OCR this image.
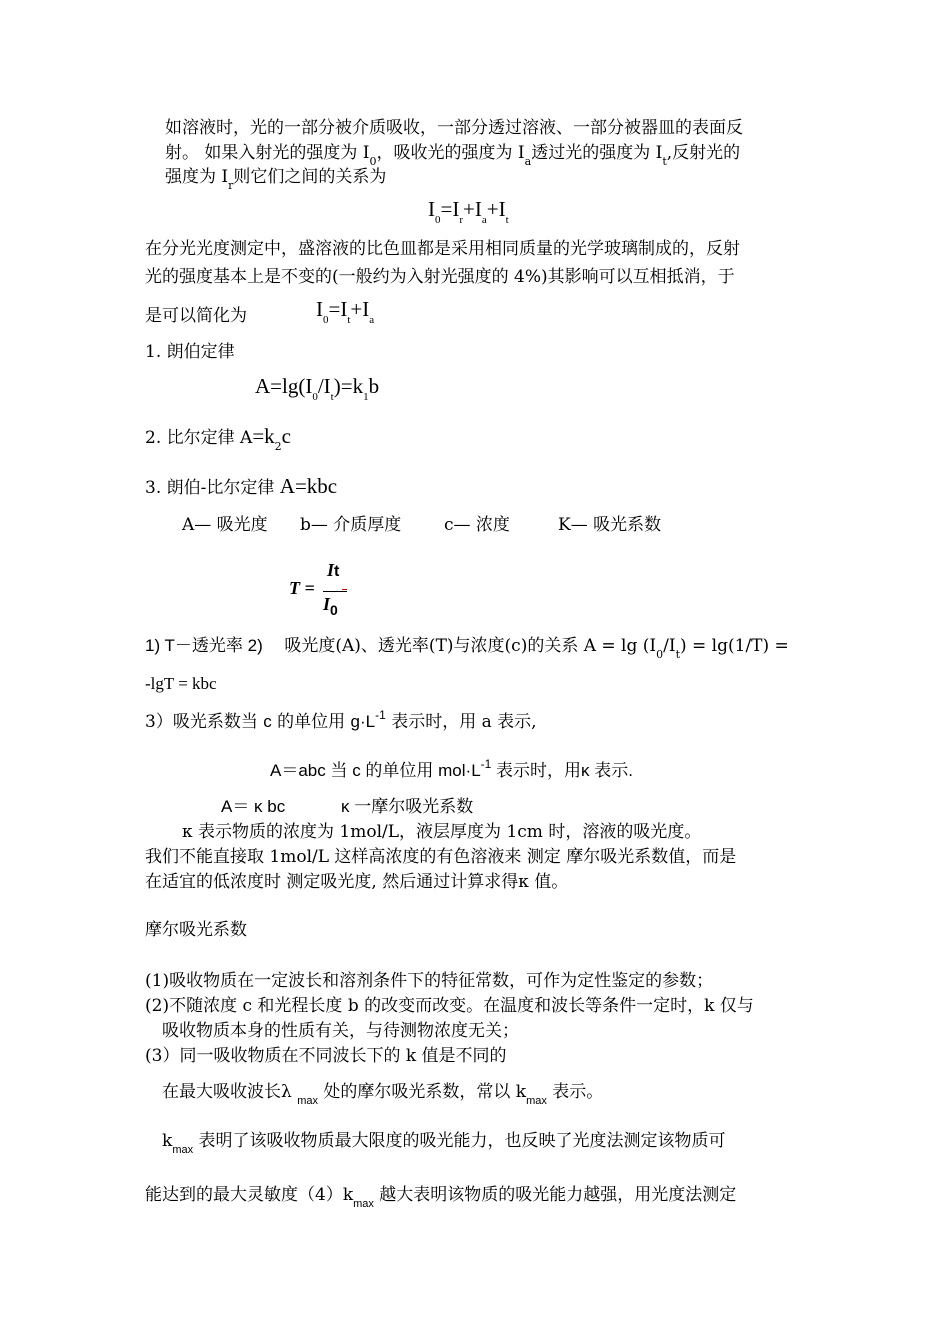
如溶液时，光的一部分被介质吸收，一部分透过溶液、一部分被器皿的表面反
射。 如果入射光的强度为 $I_0$，吸收光的强度为 $I_a$透过光的强度为 $I_t$,反射光的
强度为 $I_r$则它们之间的关系为
$I_0=I_r+I_a+I_t$
在分光光度测定中，盛溶液的比色皿都是采用相同质量的光学玻璃制成的，反射
光的强度基本上是不变的(一般约为入射光强度的 4%)其影响可以互相抵消，于
是可以简化为	$I_0=I_t+I_a$
1. 朗伯定律
$A=\lg(I_0/I_t)=k_1b$
2. 比尔定律 $A=k_2c$
3. 朗伯-比尔定律 A=kbc
A— 吸光度 b— 介质厚度	c— 浓度	K— 吸光系数
T =
It
$I_0$
1) T－透光率 2) 吸光度(A)、透光率(T)与浓度(c)的关系 $A = \lg (I_0/I_t) = \lg(1/T)$ =
-lgT = kbc
3）吸光系数当 c 的单位用 $g\cdot L^{-1}$ 表示时，用 a 表示,
A＝abc 当 c 的单位用 $mol\cdot L^{-1}$ 表示时，用κ 表示.
A＝ κ bc	κ 一摩尔吸光系数
κ 表示物质的浓度为 1mol/L，液层厚度为 1cm 时，溶液的吸光度。
我们不能直接取 1mol/L 这样高浓度的有色溶液来 测定 摩尔吸光系数值，而是
在适宜的低浓度时 测定吸光度, 然后通过计算求得κ 值。
摩尔吸光系数
(1)吸收物质在一定波长和溶剂条件下的特征常数，可作为定性鉴定的参数；
(2)不随浓度 c 和光程长度 b 的改变而改变。在温度和波长等条件一定时，k 仅与
吸收物质本身的性质有关，与待测物浓度无关；
(3）同一吸收物质在不同波长下的 k 值是不同的
在最大吸收波长λ $_{max}$ 处的摩尔吸光系数，常以 $k_{max}$ 表示。
$k_{max}$ 表明了该吸收物质最大限度的吸光能力，也反映了光度法测定该物质可
能达到的最大灵敏度$(4)k_{max}$ 越大表明该物质的吸光能力越强，用光度法测定
